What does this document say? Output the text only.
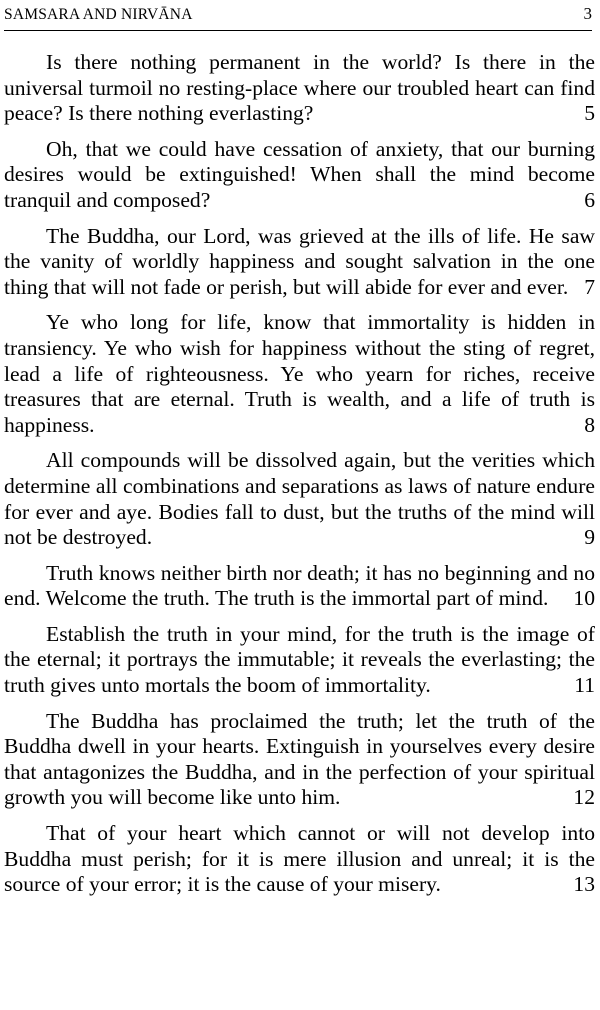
SAMSARA AND NIRVĀNA	3

Is there nothing permanent in the world? Is there in the universal turmoil no resting-place where our troubled heart can find peace? Is there nothing everlasting?	5

Oh, that we could have cessation of anxiety, that our burning desires would be extinguished! When shall the mind become tranquil and composed?	6

The Buddha, our Lord, was grieved at the ills of life. He saw the vanity of worldly happiness and sought salvation in the one thing that will not fade or perish, but will abide for ever and ever. 7

Ye who long for life, know that immortality is hidden in transiency. Ye who wish for happiness without the sting of regret, lead a life of righteousness. Ye who yearn for riches, receive treasures that are eternal. Truth is wealth, and a life of truth is happiness.	8

All compounds will be dissolved again, but the verities which determine all combinations and separations as laws of nature endure for ever and aye. Bodies fall to dust, but the truths of the mind will not be destroyed.	9

Truth knows neither birth nor death; it has no beginning and no end. Welcome the truth. The truth is the immortal part of mind.	10

Establish the truth in your mind, for the truth is the image of the eternal; it portrays the immutable; it reveals the everlasting; the truth gives unto mortals the boom of immortality.	11

The Buddha has proclaimed the truth; let the truth of the Buddha dwell in your hearts. Extinguish in yourselves every desire that antagonizes the Buddha, and in the perfection of your spiritual growth you will become like unto him.	12

That of your heart which cannot or will not develop into Buddha must perish; for it is mere illusion and unreal; it is the source of your error; it is the cause of your misery.	13
